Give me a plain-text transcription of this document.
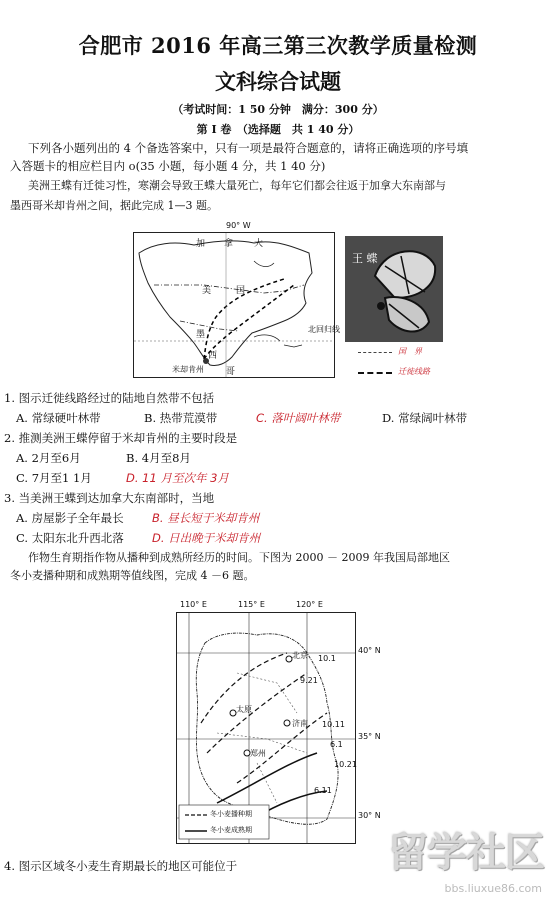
合肥市 2016 年高三第三次教学质量检测
文科综合试题
（考试时间：1 50 分钟　满分：300 分）
第 I 卷　（选择题　共 1 40 分）
下列各小题列出的 4 个备选答案中，只有一项是最符合题意的，请将正确选项的序号填
入答题卡的相应栏目内 o(35 小题，每小题 4 分，共 1 40 分)
美洲王蝶有迁徙习性，寒潮会导致王蝶大量死亡，每年它们都会往返于加拿大东南部与
墨西哥米却肯州之间，据此完成 1—3 题。
90° W
加 拿 大
美	国
墨
西
哥
米却肯州
北回归线
王 蝶
国　界
迁徙线路
1. 图示迁徙线路经过的陆地自然带不包括
A. 常绿硬叶林带	B. 热带荒漠带	C. 落叶阔叶林带	D. 常绿阔叶林带
2. 推测美洲王蝶停留于米却肯州的主要时段是
A. 2月至6月	B. 4月至8月
C. 7月至1 1月	D. 11 月至次年 3月
3. 当美洲王蝶到达加拿大东南部时，当地
A. 房屋影子全年最长 B. 昼长短于米却肯州
C. 太阳东北升西北落 D. 日出晚于米却肯州
作物生育期指作物从播种到成熟所经历的时间。下图为 2000 － 2009 年我国局部地区
冬小麦播种期和成熟期等值线图，完成 4 －6 题。
110° E	115° E	120° E
40° N
35° N
30° N
10.1
9.21
10.11
6.1
10.21
6.11
北京
太原
济南
郑州
冬小麦播种期
冬小麦成熟期
4. 图示区域冬小麦生育期最长的地区可能位于	留学社区
bbs.liuxue86.com
